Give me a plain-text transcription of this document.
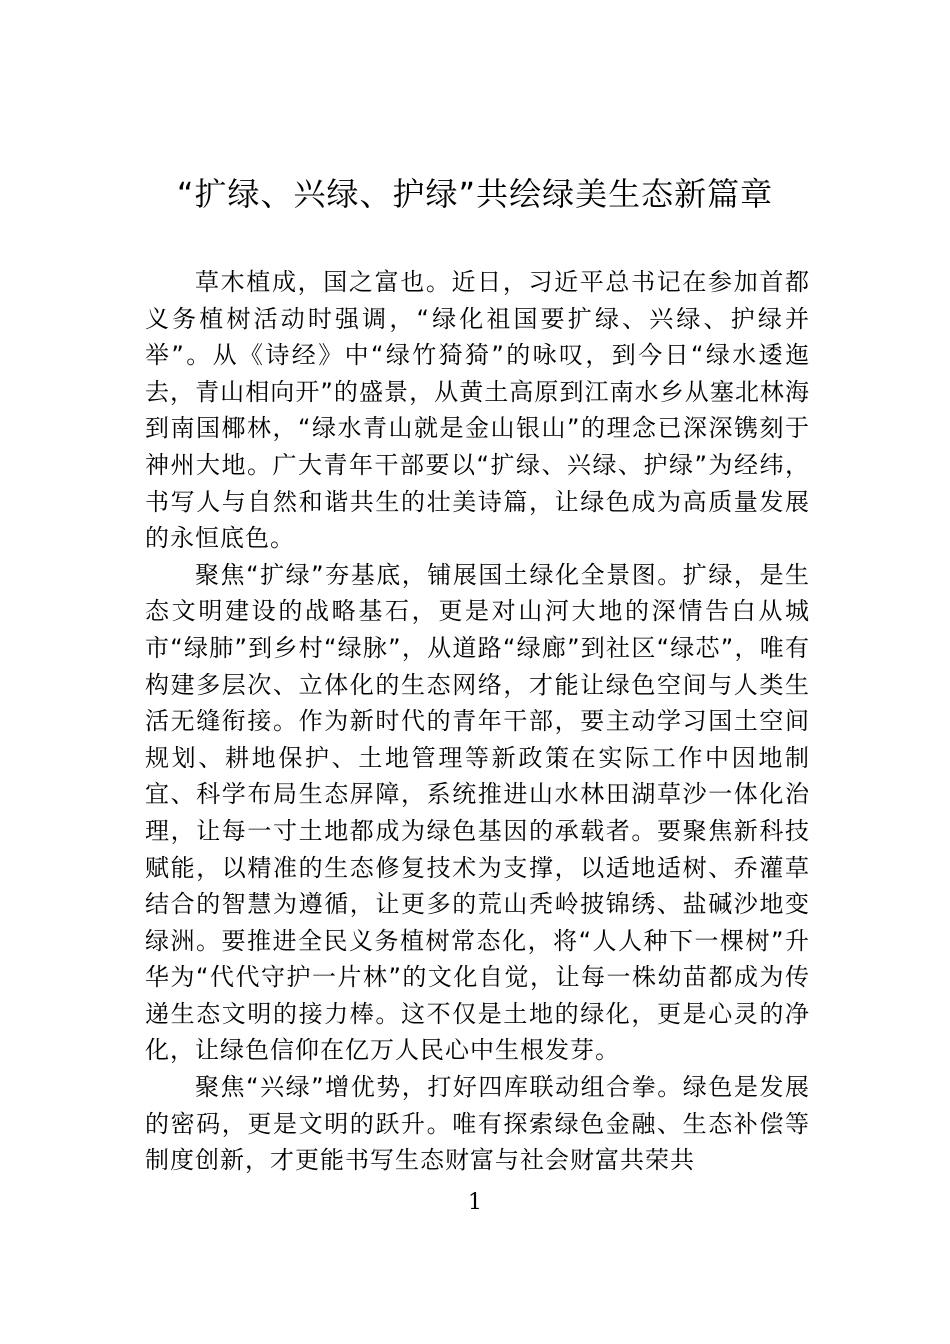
“扩绿、兴绿、护绿”共绘绿美生态新篇章

草木植成，国之富也。近日，习近平总书记在参加首都义务植树活动时强调，“绿化祖国要扩绿、兴绿、护绿并举”。从《诗经》中“绿竹猗猗”的咏叹，到今日“绿水逶迤去，青山相向开”的盛景，从黄土高原到江南水乡从塞北林海到南国椰林，“绿水青山就是金山银山”的理念已深深镌刻于神州大地。广大青年干部要以“扩绿、兴绿、护绿”为经纬，书写人与自然和谐共生的壮美诗篇，让绿色成为高质量发展的永恒底色。

聚焦“扩绿”夯基底，铺展国土绿化全景图。扩绿，是生态文明建设的战略基石，更是对山河大地的深情告白从城市“绿肺”到乡村“绿脉”，从道路“绿廊”到社区“绿芯”，唯有构建多层次、立体化的生态网络，才能让绿色空间与人类生活无缝衔接。作为新时代的青年干部，要主动学习国土空间规划、耕地保护、土地管理等新政策在实际工作中因地制宜、科学布局生态屏障，系统推进山水林田湖草沙一体化治理，让每一寸土地都成为绿色基因的承载者。要聚焦新科技赋能，以精准的生态修复技术为支撑，以适地适树、乔灌草结合的智慧为遵循，让更多的荒山秃岭披锦绣、盐碱沙地变绿洲。要推进全民义务植树常态化，将“人人种下一棵树”升华为“代代守护一片林”的文化自觉，让每一株幼苗都成为传递生态文明的接力棒。这不仅是土地的绿化，更是心灵的净化，让绿色信仰在亿万人民心中生根发芽。

聚焦“兴绿”增优势，打好四库联动组合拳。绿色是发展的密码，更是文明的跃升。唯有探索绿色金融、生态补偿等制度创新，才更能书写生态财富与社会财富共荣共

1
